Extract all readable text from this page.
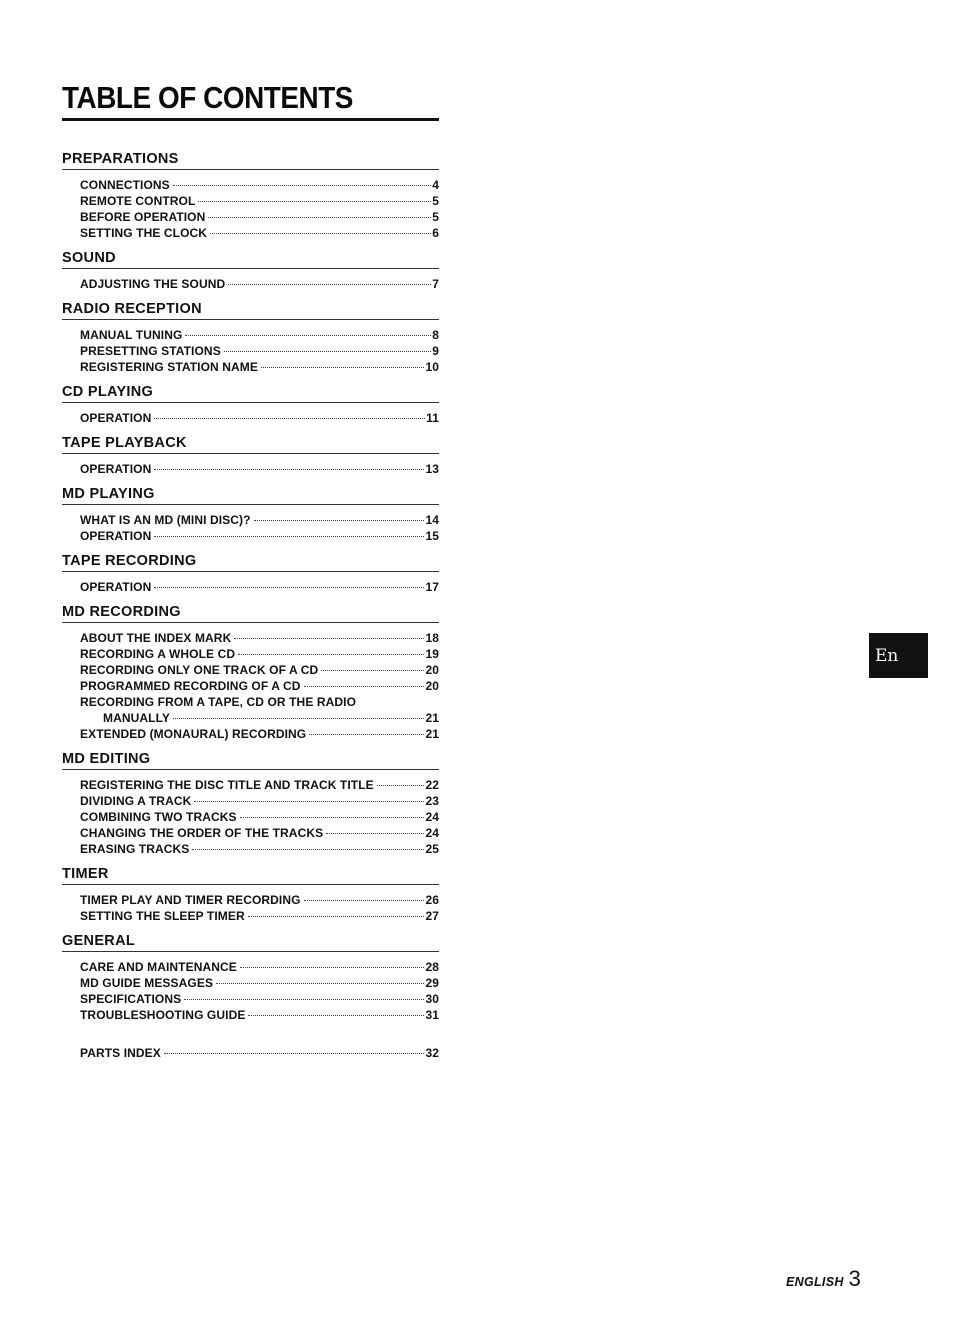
TABLE OF CONTENTS
PREPARATIONS
CONNECTIONS	4
REMOTE CONTROL	5
BEFORE OPERATION	5
SETTING THE CLOCK	6
SOUND
ADJUSTING THE SOUND	7
RADIO RECEPTION
MANUAL TUNING	8
PRESETTING STATIONS	9
REGISTERING STATION NAME	10
CD PLAYING
OPERATION	11
TAPE PLAYBACK
OPERATION	13
MD PLAYING
WHAT IS AN MD (MINI DISC)?	14
OPERATION	15
TAPE RECORDING
OPERATION	17
MD RECORDING
ABOUT THE INDEX MARK	18
RECORDING A WHOLE CD	19
RECORDING ONLY ONE TRACK OF A CD	20
PROGRAMMED RECORDING OF A CD	20
RECORDING FROM A TAPE, CD OR THE RADIO
MANUALLY	21
EXTENDED (MONAURAL) RECORDING	21
MD EDITING
REGISTERING THE DISC TITLE AND TRACK TITLE	22
DIVIDING A TRACK	23
COMBINING TWO TRACKS	24
CHANGING THE ORDER OF THE TRACKS	24
ERASING TRACKS	25
TIMER
TIMER PLAY AND TIMER RECORDING	26
SETTING THE SLEEP TIMER	27
GENERAL
CARE AND MAINTENANCE	28
MD GUIDE MESSAGES	29
SPECIFICATIONS	30
TROUBLESHOOTING GUIDE	31
PARTS INDEX	32
En
ENGLISH 3
